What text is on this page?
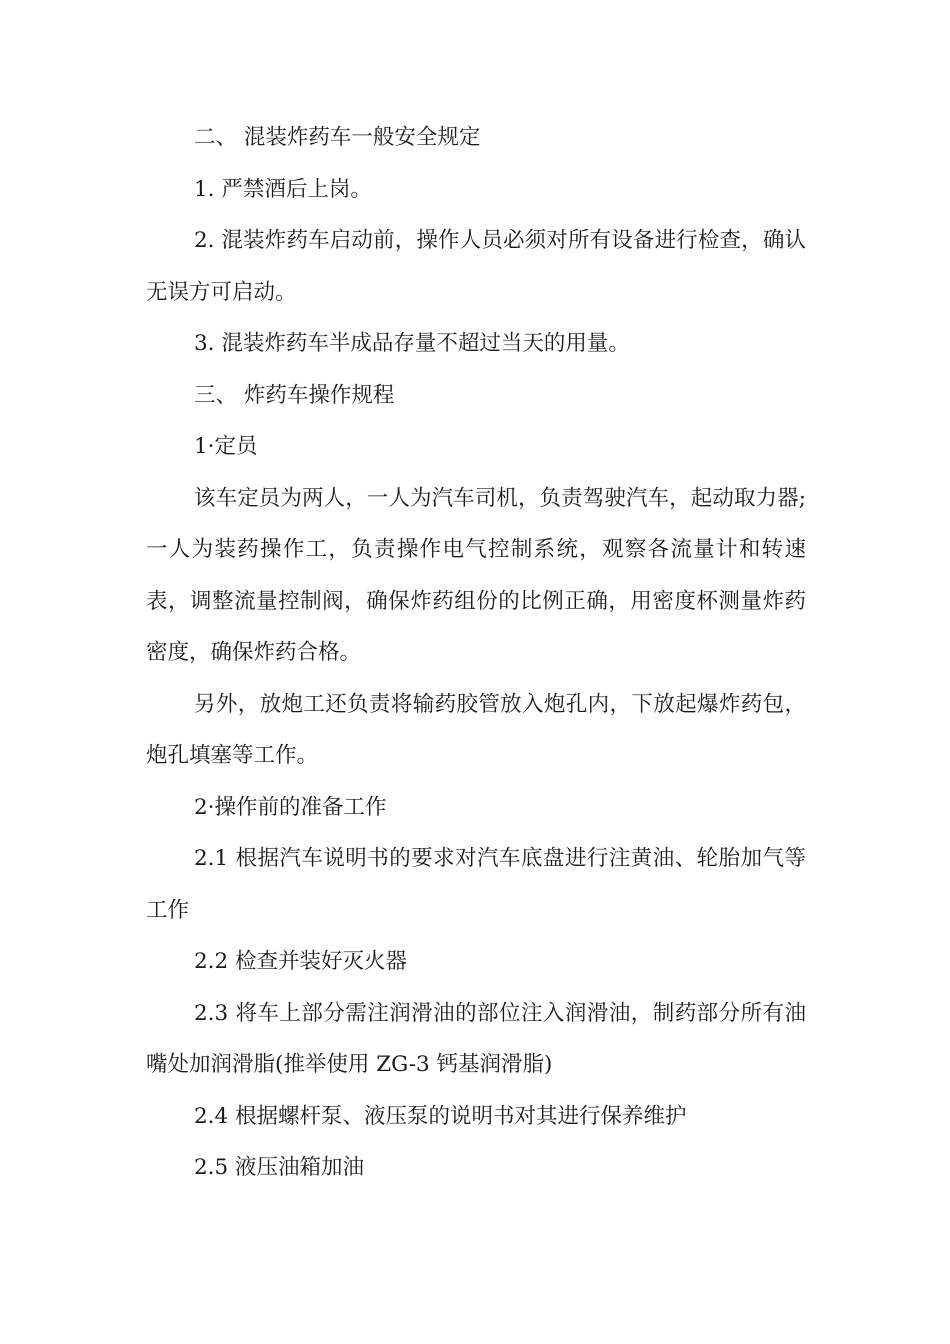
二、 混装炸药车一般安全规定

1. 严禁酒后上岗。

2. 混装炸药车启动前，操作人员必须对所有设备进行检查，确认无误方可启动。

3. 混装炸药车半成品存量不超过当天的用量。

三、 炸药车操作规程

1·定员

该车定员为两人，一人为汽车司机，负责驾驶汽车，起动取力器; 一人为装药操作工，负责操作电气控制系统，观察各流量计和转速表，调整流量控制阀，确保炸药组份的比例正确，用密度杯测量炸药密度，确保炸药合格。

另外，放炮工还负责将输药胶管放入炮孔内，下放起爆炸药包，炮孔填塞等工作。

2·操作前的准备工作

2.1 根据汽车说明书的要求对汽车底盘进行注黄油、轮胎加气等工作

2.2 检查并装好灭火器

2.3 将车上部分需注润滑油的部位注入润滑油，制药部分所有油嘴处加润滑脂(推举使用 ZG-3 钙基润滑脂)

2.4 根据螺杆泵、液压泵的说明书对其进行保养维护

2.5 液压油箱加油
